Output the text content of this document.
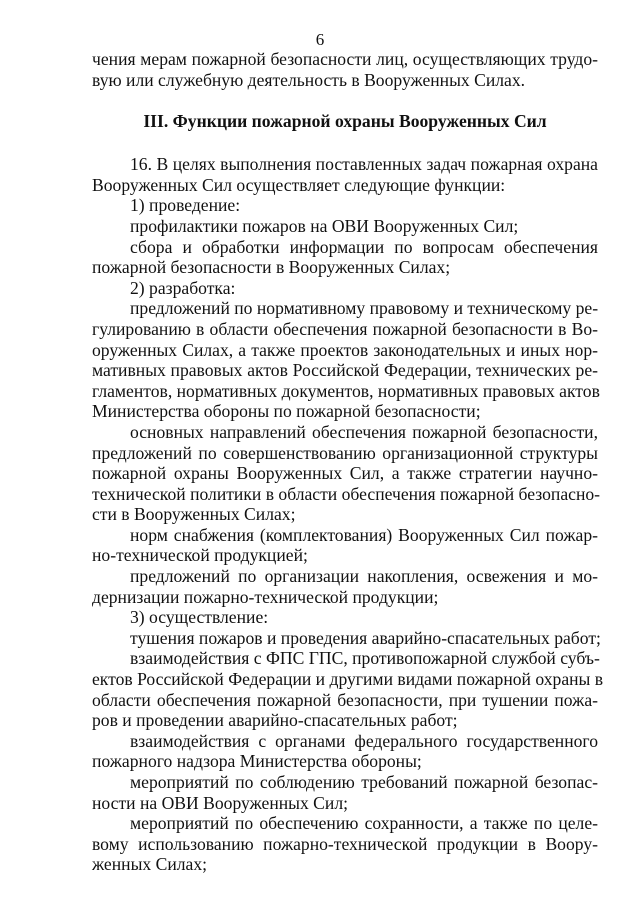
6
чения мерам пожарной безопасности лиц, осуществляющих трудо-
вую или служебную деятельность в Вооруженных Силах.
III. Функции пожарной охраны Вооруженных Сил
16. В целях выполнения поставленных задач пожарная охрана
Вооруженных Сил осуществляет следующие функции:
1) проведение:
профилактики пожаров на ОВИ Вооруженных Сил;
сбора и обработки информации по вопросам обеспечения
пожарной безопасности в Вооруженных Силах;
2) разработка:
предложений по нормативному правовому и техническому ре-
гулированию в области обеспечения пожарной безопасности в Во-
оруженных Силах, а также проектов законодательных и иных нор-
мативных правовых актов Российской Федерации, технических ре-
гламентов, нормативных документов, нормативных правовых актов
Министерства обороны по пожарной безопасности;
основных направлений обеспечения пожарной безопасности,
предложений по совершенствованию организационной структуры
пожарной охраны Вооруженных Сил, а также стратегии научно-
технической политики в области обеспечения пожарной безопасно-
сти в Вооруженных Силах;
норм снабжения (комплектования) Вооруженных Сил пожар-
но-технической продукцией;
предложений по организации накопления, освежения и мо-
дернизации пожарно-технической продукции;
3) осуществление:
тушения пожаров и проведения аварийно-спасательных работ;
взаимодействия с ФПС ГПС, противопожарной службой субъ-
ектов Российской Федерации и другими видами пожарной охраны в
области обеспечения пожарной безопасности, при тушении пожа-
ров и проведении аварийно-спасательных работ;
взаимодействия с органами федерального государственного
пожарного надзора Министерства обороны;
мероприятий по соблюдению требований пожарной безопас-
ности на ОВИ Вооруженных Сил;
мероприятий по обеспечению сохранности, а также по целе-
вому использованию пожарно-технической продукции в Воору-
женных Силах;
